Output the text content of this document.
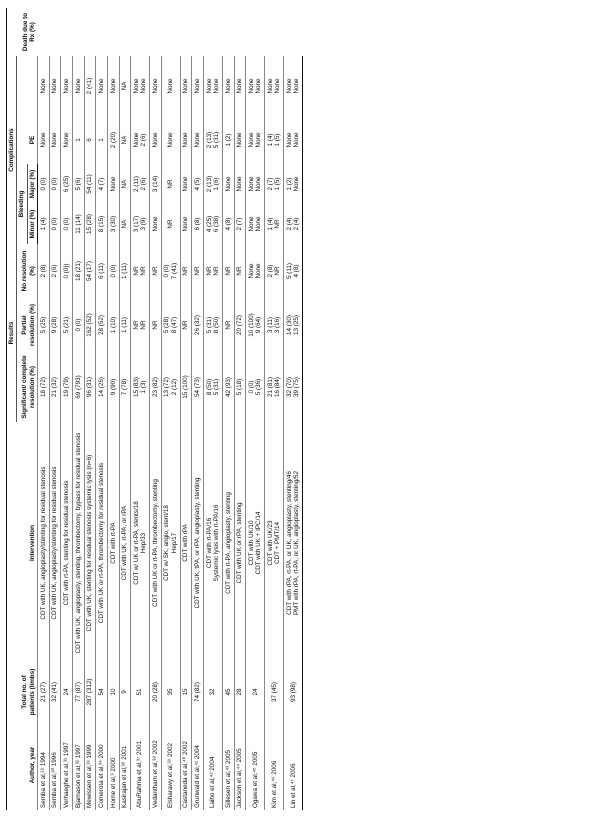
Author, year	Total no. of patients (limbs)	Intervention	Results			Complications				Death due to Rx (%)
			Significant/ complete resolution (%)	Partial resolution (%)	No resolution (%)	Bleeding		PE		
						Minor (%)	Major (%)			
Semba et al,²⁹ 1994	21 (27)	CDT with UK, angioplasty/stenting for residual stenosis	18 (72)	5 (25)	2 (8)	1 (4)	0 (0)	None	None	

Semba et al,³⁰ 1996	32 (41)	CDT with UK, angioplasty/stenting for residual stenosis	21 (32)	9 (28)	2 (6)	0 (0)	0 (0)	None	None	

Verhaeghe et al,³¹ 1997	24	CDT with rt-PA, stenting for residual stenosis	19 (79)	5 (21)	0 (0))	0 (0)	6 (25)	None	None	

Bjarnason et al,³² 1997	77 (87)	CDT with UK, angioplasty, stenting, thrombectomy, bypass for residual stenosis	69 (793)	0 (0)	18 (21)	11 (14)	5 (6)	1	None	

Mewissen et al,³³ 1999	287 (312)	CDT with UK, stenting for residual stenosis systemic lysis (n=6)	96 (31)	162 (52)	54 (17)	15 (28)	54 (11)	6	2 (<1)	

Comerota et al,³⁴ 2000	54	CDT with UK or rt-PA, thrombectomy for residual stenosis	14 (26)	28 (52)	6 (11)	8 (15)	4 (7)	1	None	

Horne et al,³ 2000	10	CDT with rt-PA	9 (90)	1 (10)	0 (0)	3 (30)	None	2 (20)	None	

Kasirajan et al,³⁶ 2001	9	CDT with UK, rt-PA, or rPA	7 (78)	1 (11)	1 (11)	NA	NA	NA	NA	

AbuRahma et al,³⁷ 2001	51	CDT w/ UK or rt-PA, stents/18 Hep/33	15 (83) 1 (3)	NR NR	NR NR	3 (17) 3 (9)	2 (11) 2 (6)	None 2 (6)	None None	

Vedantham et al,³⁸ 2002	20 (28)	CDT with UK or rt-PA, thrombectomy, stenting	23 (82)	NR	NR	None	3 (14)	None	None	

Elsharawy et al,³⁹ 2002	35	CDT w/ SK, angio, stent/18 Hep/17	13 (72) 2 (12)	5 (28) 8 (47)	0 (0) 7 (41)	NR	NR	None	None	

Castaneda et al,⁴⁰ 2002	15	CDT with rPA	15 (100)	NR	NR	None	None	None	None	

Grunwald et al,⁴¹ 2004	74 (82)	CDT with UK, tPA, or rPA, angioplasty, stenting	54 (73)	26 (32)	NR	6 (8)	4 (5)	None	None	

Laiho et al,⁴² 2004	32	CDT with rt-PA/16 Systemic lysis with rt-PA/16	8 (50) 5 (31)	5 (31) 8 (50)	NR NR	4 (25) 6 (38)	2 (13) 1 (6)	2 (13) 5 (31)	None None	

Sillesen et al,⁴³ 2005	45	CDT with rt-PA, angioplasty, stenting	42 (93)	NR	NR	4 (8)	None	1 (2)	None	

Jackson et al,⁴⁴ 2005	28	CDT with UK or rPA, stenting	5 (18)	20 (72)	NR	2 (7)	None	None	None	

Ogawa et al,⁴⁵ 2005	24	CDT with UK/10 CDT with UK + IPC/14	0 (0) 5 (36)	10 (100) 9 (64)	None None	None None	None None	None None	None None	

Kim et al,⁴⁶ 2006	37 (45)	CDT with UK/23 CDT + PMT/14	21 (81) 16 (84)	3 (11) 3 (16)	2 (8) NR	1 (4) NR	2 (7) 1 (5)	1 (4) 1 (5)	None None	

Lin et al,⁴⁷ 2006	93 (98)	CDT with rPA, rt-PA, or UK, angioplasty, stenting/46 PMT with rPA, rt-PA, or UK, angioplasty, stenting/52	32 (70) 39 (75)	14 (30) 13 (25)	5 (11) 4 (8)	2 (4) 2 (4)	1 (2) None	None None	None None	
